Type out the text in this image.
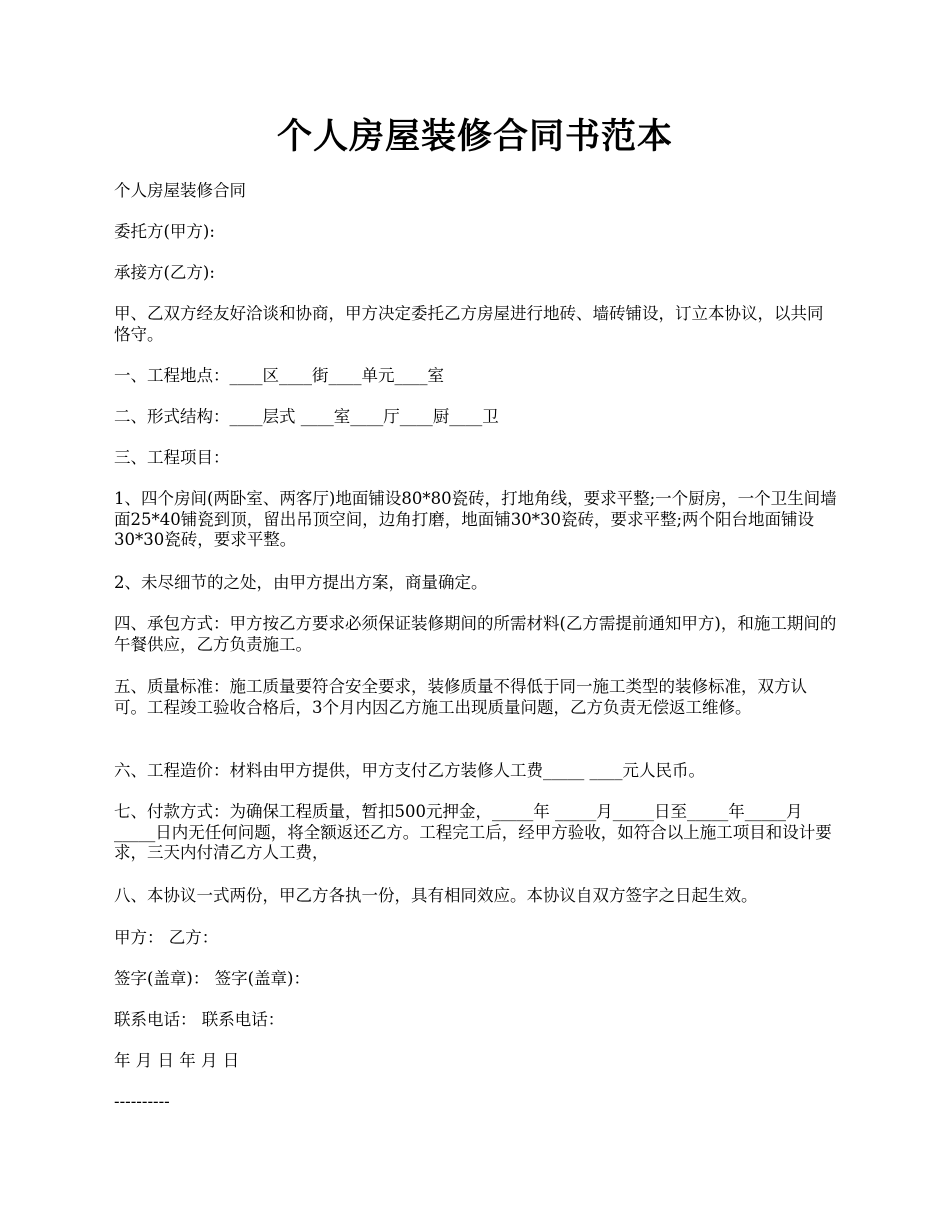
个人房屋装修合同书范本

个人房屋装修合同

委托方(甲方):

承接方(乙方):

甲、乙双方经友好洽谈和协商，甲方决定委托乙方房屋进行地砖、墙砖铺设，订立本协议，以共同恪守。

一、工程地点：____区____街____单元____室

二、形式结构：____层式 ____室____厅____厨____卫

三、工程项目：

1、四个房间(两卧室、两客厅)地面铺设80*80瓷砖，打地角线，要求平整;一个厨房，一个卫生间墙面25*40铺瓷到顶，留出吊顶空间，边角打磨，地面铺30*30瓷砖，要求平整;两个阳台地面铺设30*30瓷砖，要求平整。

2、未尽细节的之处，由甲方提出方案，商量确定。

四、承包方式：甲方按乙方要求必须保证装修期间的所需材料(乙方需提前通知甲方)，和施工期间的午餐供应，乙方负责施工。

五、质量标准：施工质量要符合安全要求，装修质量不得低于同一施工类型的装修标准，双方认可。工程竣工验收合格后，3个月内因乙方施工出现质量问题，乙方负责无偿返工维修。

六、工程造价：材料由甲方提供，甲方支付乙方装修人工费_____ ____元人民币。

七、付款方式：为确保工程质量，暂扣500元押金，_____年 _____月_____日至_____年_____月_____日内无任何问题，将全额返还乙方。工程完工后，经甲方验收，如符合以上施工项目和设计要求，三天内付清乙方人工费，

八、本协议一式两份，甲乙方各执一份，具有相同效应。本协议自双方签字之日起生效。

甲方： 乙方：

签字(盖章)： 签字(盖章)：

联系电话： 联系电话：

年 月 日 年 月 日

----------
